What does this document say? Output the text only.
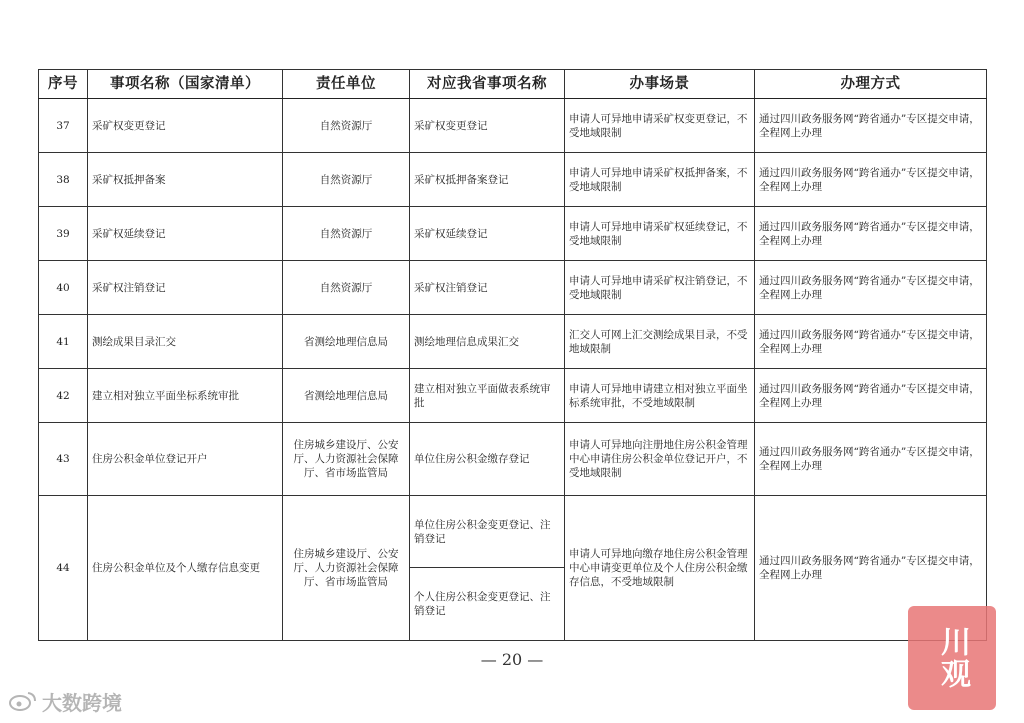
序号	事项名称（国家清单）	责任单位	对应我省事项名称	办事场景	办理方式
37	采矿权变更登记	自然资源厅	采矿权变更登记	申请人可异地申请采矿权变更登记，不受地域限制	通过四川政务服务网“跨省通办”专区提交申请，全程网上办理
38	采矿权抵押备案	自然资源厅	采矿权抵押备案登记	申请人可异地申请采矿权抵押备案，不受地域限制	通过四川政务服务网“跨省通办”专区提交申请，全程网上办理
39	采矿权延续登记	自然资源厅	采矿权延续登记	申请人可异地申请采矿权延续登记，不受地域限制	通过四川政务服务网“跨省通办”专区提交申请，全程网上办理
40	采矿权注销登记	自然资源厅	采矿权注销登记	申请人可异地申请采矿权注销登记，不受地域限制	通过四川政务服务网“跨省通办”专区提交申请，全程网上办理
41	测绘成果目录汇交	省测绘地理信息局	测绘地理信息成果汇交	汇交人可网上汇交测绘成果目录，不受地域限制	通过四川政务服务网“跨省通办”专区提交申请，全程网上办理
42	建立相对独立平面坐标系统审批	省测绘地理信息局	建立相对独立平面做表系统审批	申请人可异地申请建立相对独立平面坐标系统审批，不受地域限制	通过四川政务服务网“跨省通办”专区提交申请，全程网上办理
43	住房公积金单位登记开户	住房城乡建设厅、公安厅、人力资源社会保障厅、省市场监管局	单位住房公积金缴存登记	申请人可异地向注册地住房公积金管理中心申请住房公积金单位登记开户，不受地域限制	通过四川政务服务网“跨省通办”专区提交申请，全程网上办理
44	住房公积金单位及个人缴存信息变更	住房城乡建设厅、公安厅、人力资源社会保障厅、省市场监管局	单位住房公积金变更登记、注销登记	申请人可异地向缴存地住房公积金管理中心申请变更单位及个人住房公积金缴存信息，不受地域限制	通过四川政务服务网“跨省通办”专区提交申请，全程网上办理
			个人住房公积金变更登记、注销登记		
— 20 —
大数跨境
川观
